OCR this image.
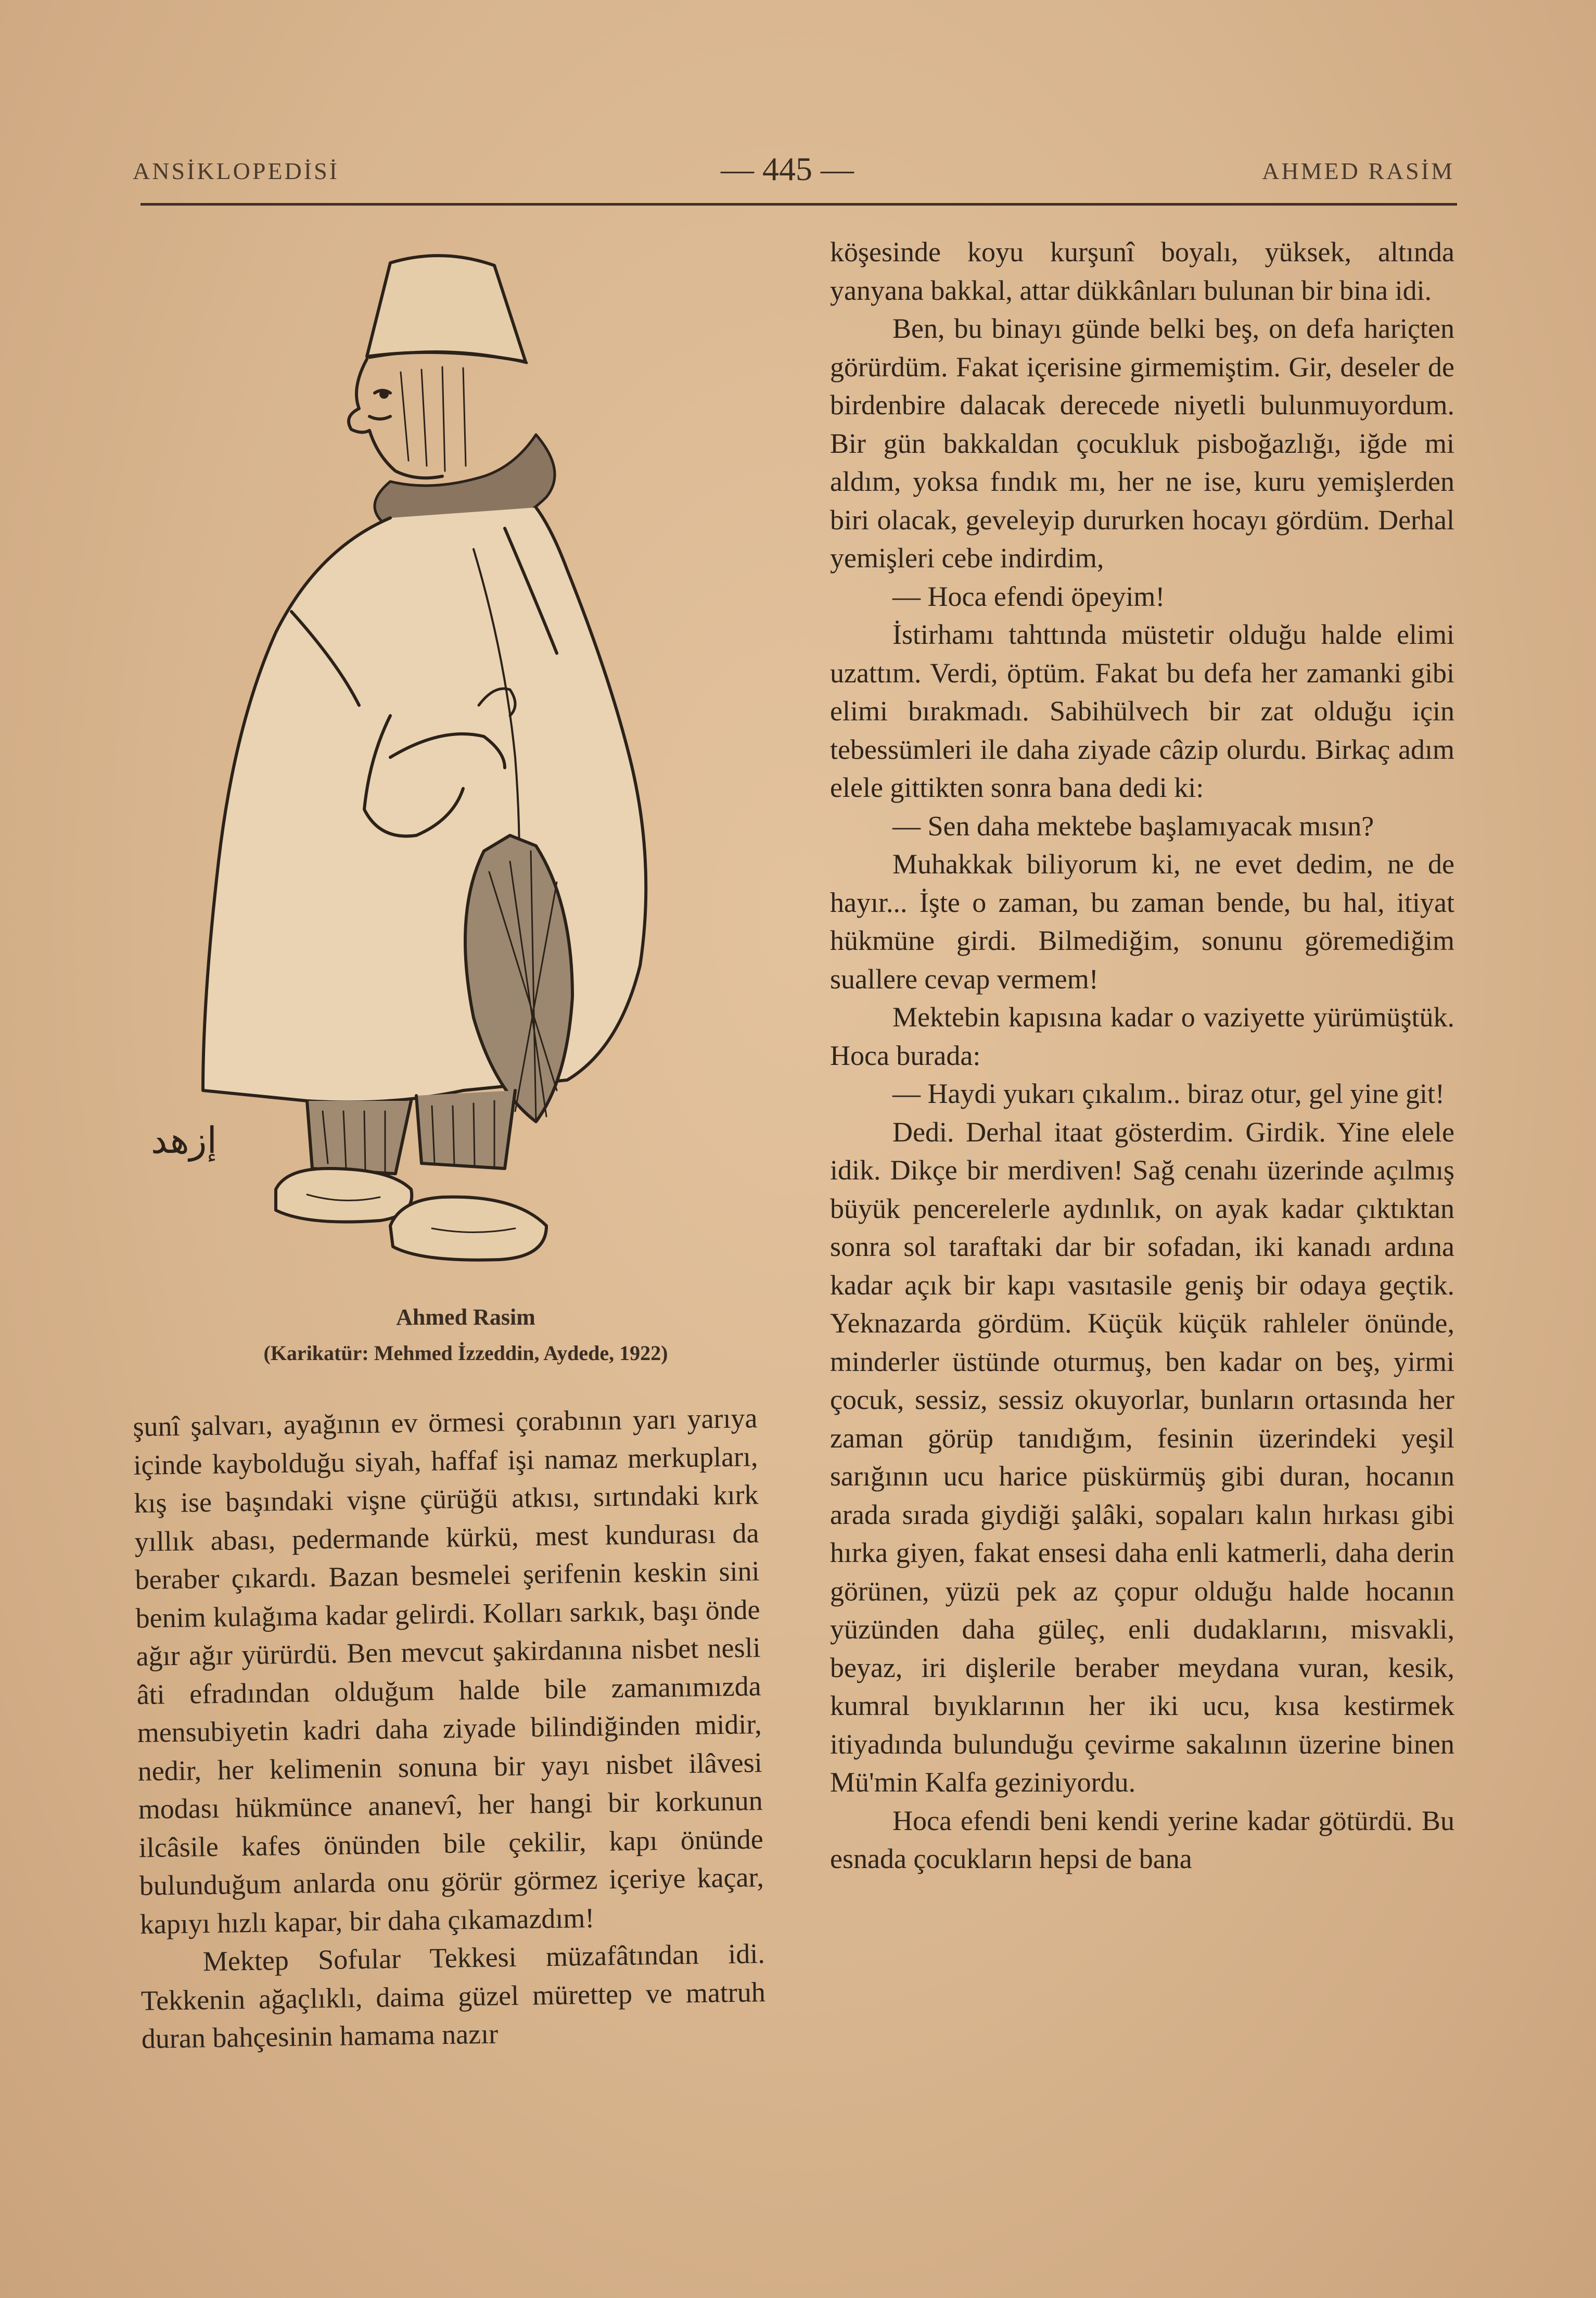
ANSİKLOPEDİSİ	— 445 —	AHMED RASİM
إزهد
Ahmed Rasim
(Karikatür: Mehmed İzzeddin, Aydede, 1922)

şunî şalvarı, ayağının ev örmesi çorabının yarı yarıya içinde kaybolduğu siyah, haffaf işi namaz merkupları, kış ise başındaki vişne çürüğü atkısı, sırtındaki kırk yıllık abası, pedermande kürkü, mest kundurası da beraber çıkardı. Bazan besmelei şerifenin keskin sini benim kulağıma kadar gelirdi. Kolları sarkık, başı önde ağır ağır yürürdü. Ben mevcut şakirdanına nisbet nesli âti efradından olduğum halde bile zamanımızda mensubiyetin kadri daha ziyade bilindiğinden midir, nedir, her kelimenin sonuna bir yayı nisbet ilâvesi modası hükmünce ananevî, her hangi bir korkunun ilcâsile kafes önünden bile çekilir, kapı önünde bulunduğum anlarda onu görür görmez içeriye kaçar, kapıyı hızlı kapar, bir daha çıkamazdım!

Mektep Sofular Tekkesi müzafâtından idi. Tekkenin ağaçlıklı, daima güzel mürettep ve matruh duran bahçesinin hamama nazır

köşesinde koyu kurşunî boyalı, yüksek, altında yanyana bakkal, attar dükkânları bulunan bir bina idi.

Ben, bu binayı günde belki beş, on defa hariçten görürdüm. Fakat içerisine girmemiştim. Gir, deseler de birdenbire dalacak derecede niyetli bulunmuyordum. Bir gün bakkaldan çocukluk pisboğazlığı, iğde mi aldım, yoksa fındık mı, her ne ise, kuru yemişlerden biri olacak, geveleyip dururken hocayı gördüm. Derhal yemişleri cebe indirdim,

— Hoca efendi öpeyim!

İstirhamı tahttında müstetir olduğu halde elimi uzattım. Verdi, öptüm. Fakat bu defa her zamanki gibi elimi bırakmadı. Sabihülvech bir zat olduğu için tebessümleri ile daha ziyade câzip olurdu. Birkaç adım elele gittikten sonra bana dedi ki:

— Sen daha mektebe başlamıyacak mısın?

Muhakkak biliyorum ki, ne evet dedim, ne de hayır... İşte o zaman, bu zaman bende, bu hal, itiyat hükmüne girdi. Bilmediğim, sonunu göremediğim suallere cevap vermem!

Mektebin kapısına kadar o vaziyette yürümüştük. Hoca burada:

— Haydi yukarı çıkalım.. biraz otur, gel yine git!

Dedi. Derhal itaat gösterdim. Girdik. Yine elele idik. Dikçe bir merdiven! Sağ cenahı üzerinde açılmış büyük pencerelerle aydınlık, on ayak kadar çıktıktan sonra sol taraftaki dar bir sofadan, iki kanadı ardına kadar açık bir kapı vasıtasile geniş bir odaya geçtik. Yeknazarda gördüm. Küçük küçük rahleler önünde, minderler üstünde oturmuş, ben kadar on beş, yirmi çocuk, sessiz, sessiz okuyorlar, bunların ortasında her zaman görüp tanıdığım, fesinin üzerindeki yeşil sarığının ucu harice püskürmüş gibi duran, hocanın arada sırada giydiği şalâki, sopaları kalın hırkası gibi hırka giyen, fakat ensesi daha enli katmerli, daha derin görünen, yüzü pek az çopur olduğu halde hocanın yüzünden daha güleç, enli dudaklarını, misvakli, beyaz, iri dişlerile beraber meydana vuran, kesik, kumral bıyıklarının her iki ucu, kısa kestirmek itiyadında bulunduğu çevirme sakalının üzerine binen Mü'min Kalfa geziniyordu.

Hoca efendi beni kendi yerine kadar götürdü. Bu esnada çocukların hepsi de bana
